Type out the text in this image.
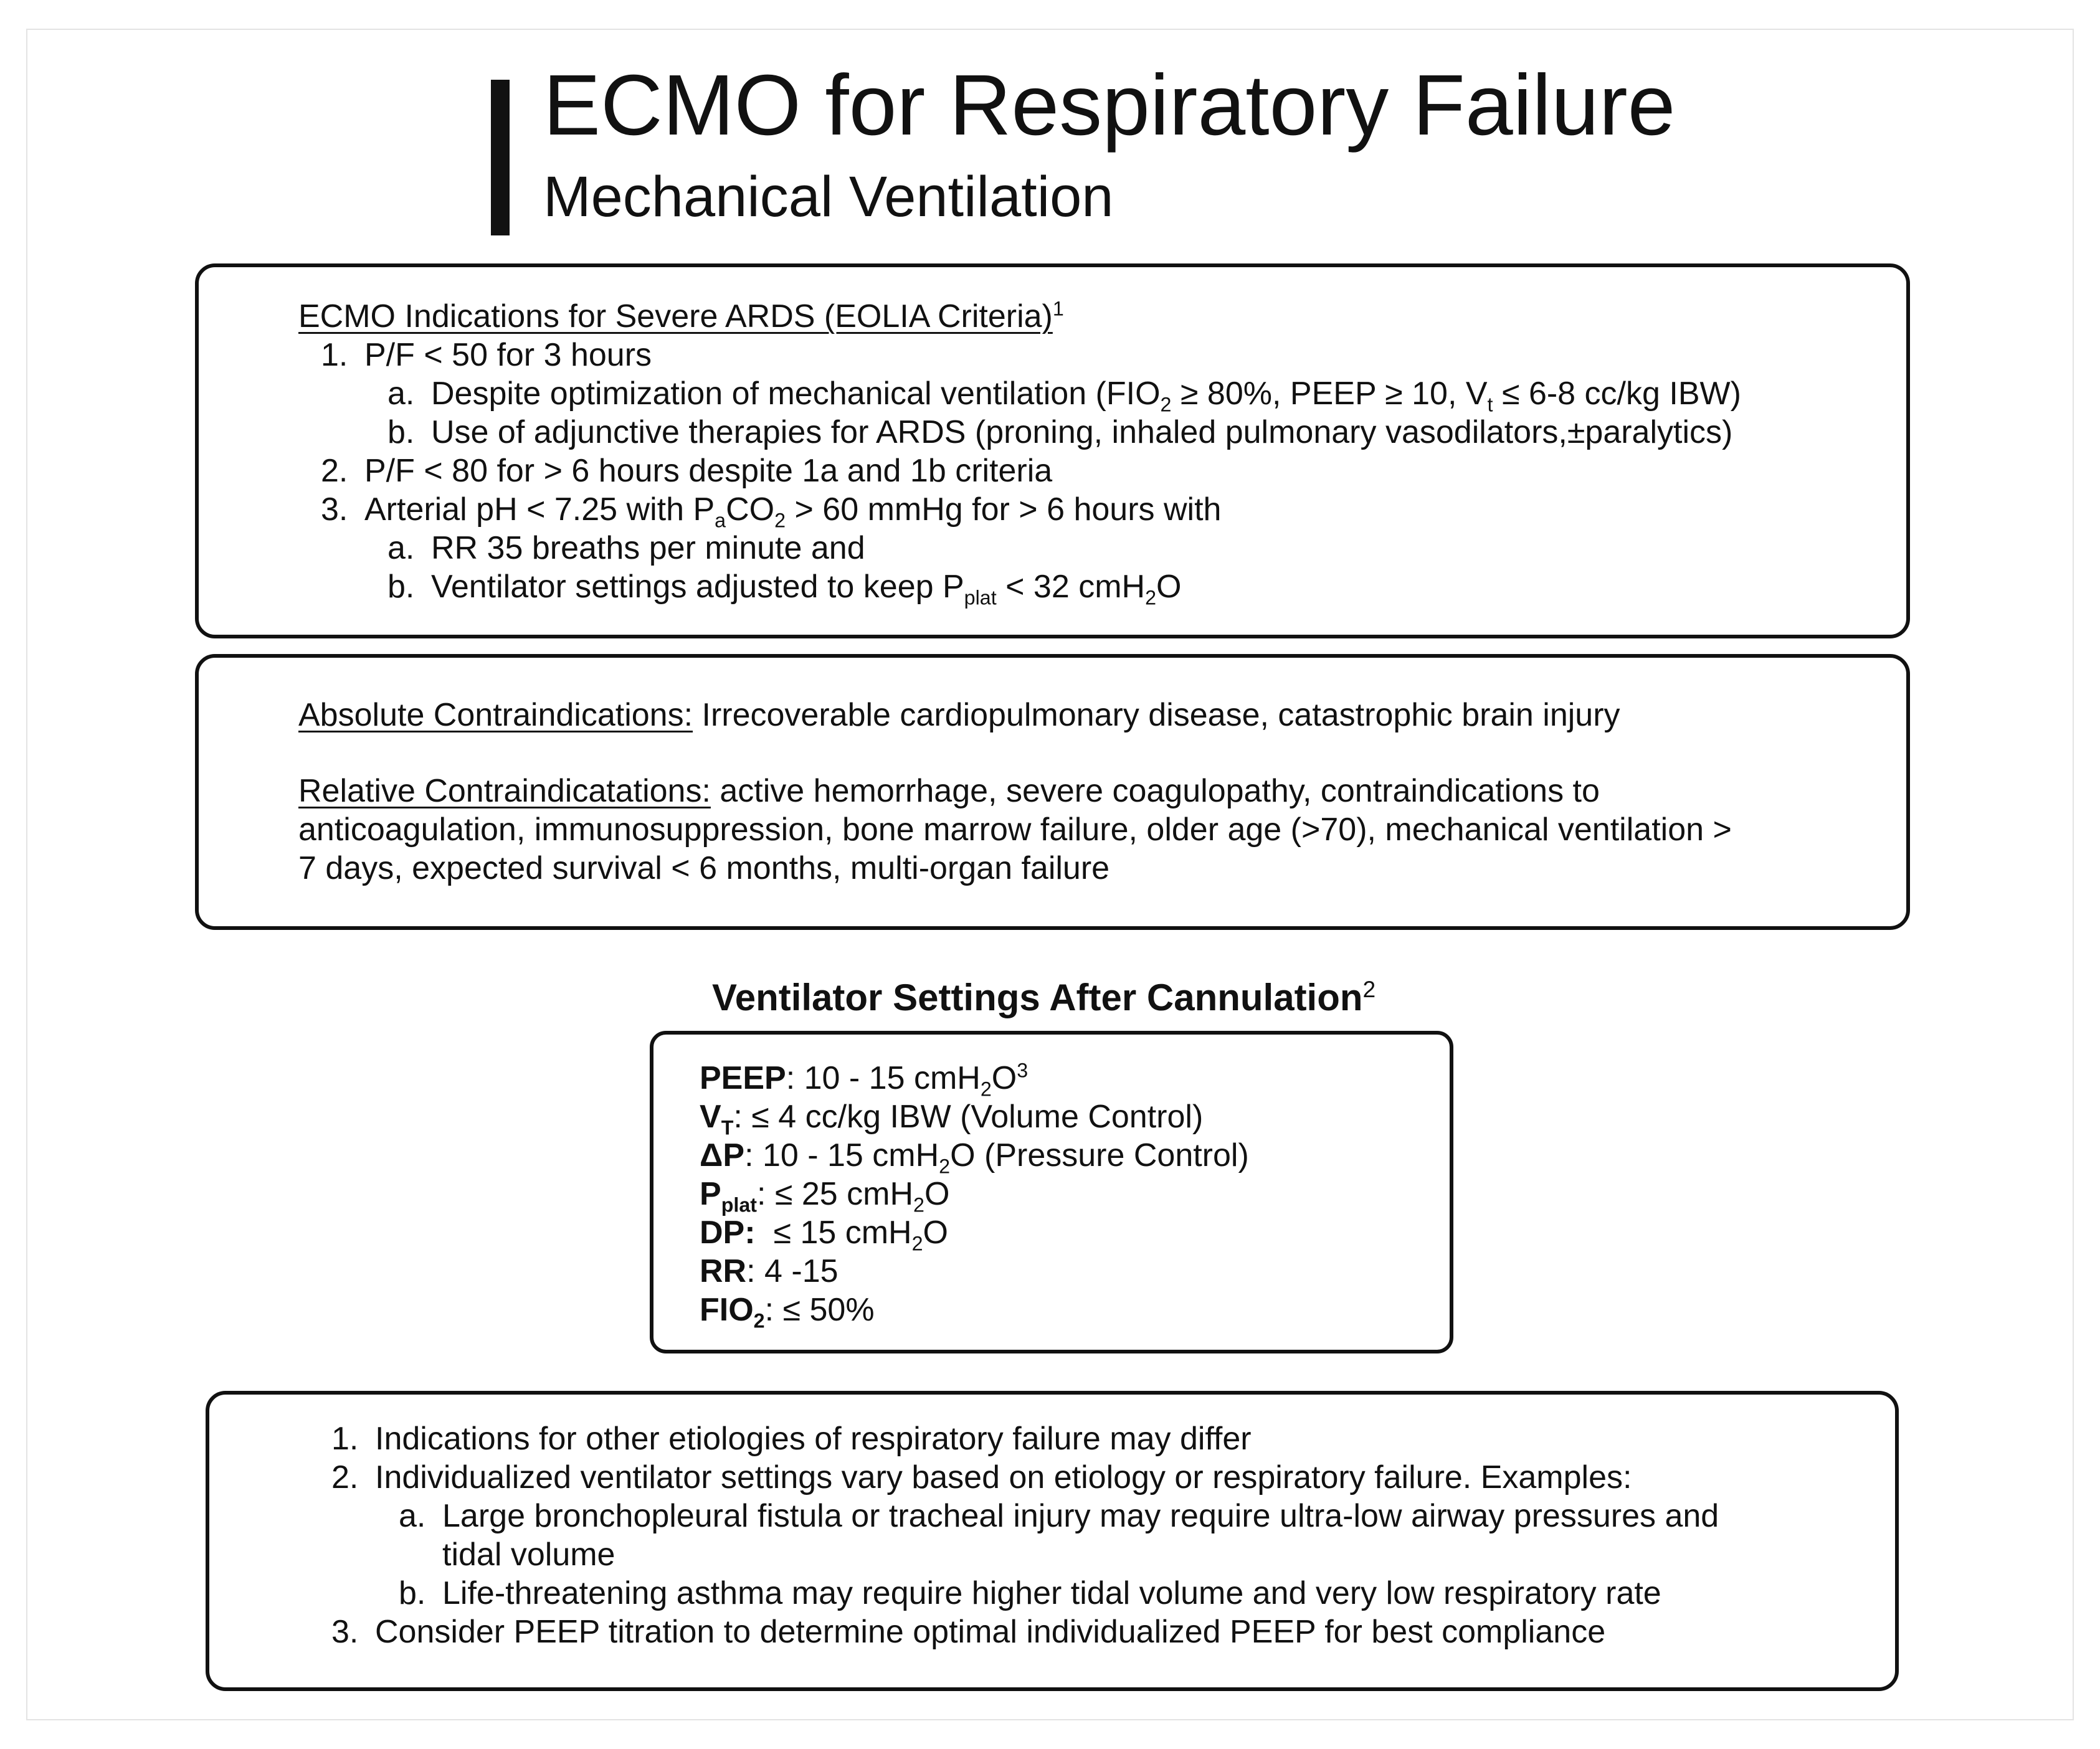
ECMO for Respiratory Failure
Mechanical Ventilation
ECMO Indications for Severe ARDS (EOLIA Criteria)$^1$
1. P/F < 50 for 3 hours
a. Despite optimization of mechanical ventilation ($FIO_2 \ge 80\%$, PEEP ≥ 10, $V_t \le 6-8$ cc/kg IBW)
b. Use of adjunctive therapies for ARDS (proning, inhaled pulmonary vasodilators,±paralytics)
2. P/F < 80 for > 6 hours despite 1a and 1b criteria
3. Arterial pH < 7.25 with $P_aCO_2 > 60$ mmHg for > 6 hours with
a. RR 35 breaths per minute and
b. Ventilator settings adjusted to keep $P_{plat} < 32$ cmH$_2$O
Absolute Contraindications: Irrecoverable cardiopulmonary disease, catastrophic brain injury
Relative Contraindicatations: active hemorrhage, severe coagulopathy, contraindications to
anticoagulation, immunosuppression, bone marrow failure, older age (>70), mechanical ventilation >
7 days, expected survival < 6 months, multi-organ failure
Ventilator Settings After Cannulation$^2$
PEEP: 10 - 15 $cmH_2O^3$
$V_T$: ≤ 4 cc/kg IBW (Volume Control)
ΔP: 10 - 15 cmH$_2$O (Pressure Control)
$P_{plat}$: ≤ 25 cmH$_2$O
DP:  ≤ 15 cmH$_2$O
RR: 4 -15
$FIO_2$: ≤ 50%
1. Indications for other etiologies of respiratory failure may differ
2. Individualized ventilator settings vary based on etiology or respiratory failure. Examples:
a. Large bronchopleural fistula or tracheal injury may require ultra-low airway pressures and
tidal volume
b. Life-threatening asthma may require higher tidal volume and very low respiratory rate
3. Consider PEEP titration to determine optimal individualized PEEP for best compliance
